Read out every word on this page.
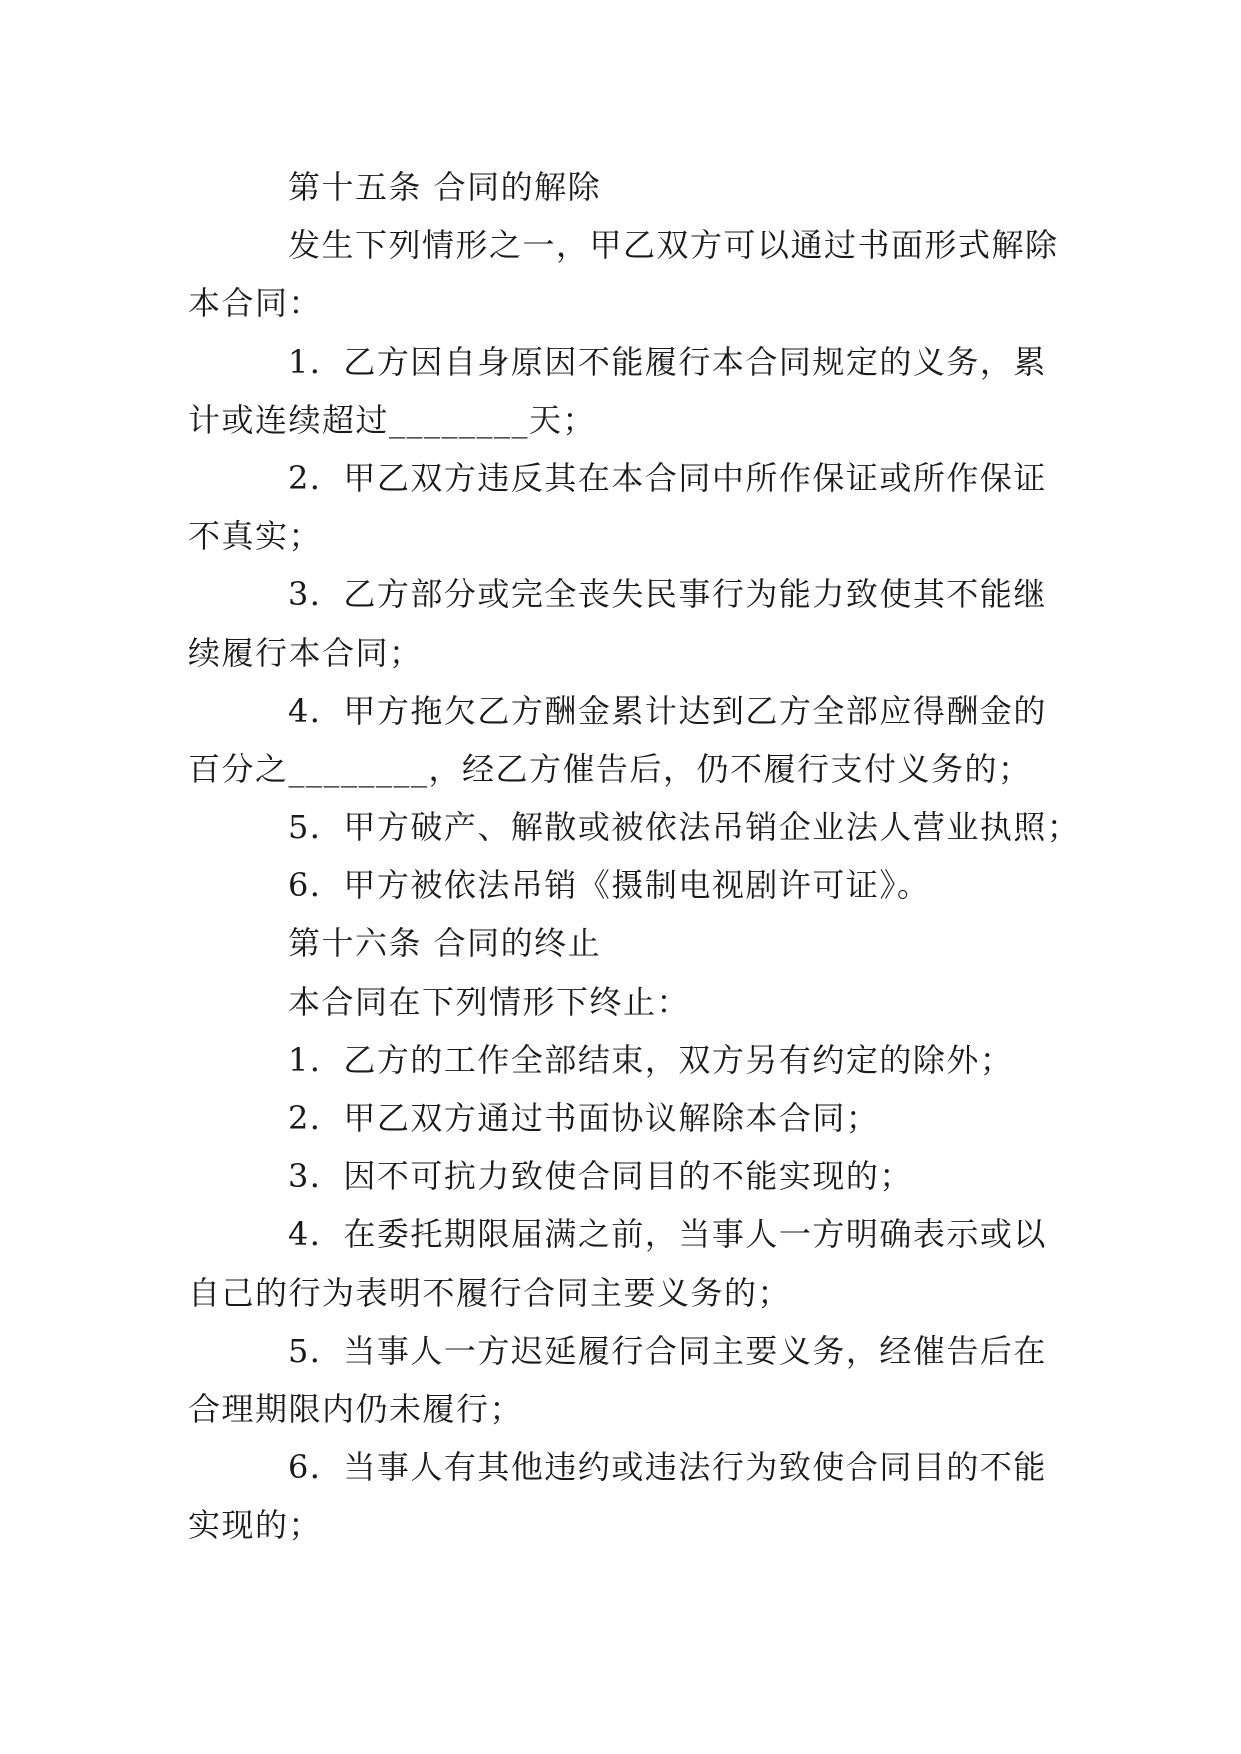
第十五条 合同的解除
发生下列情形之一，甲乙双方可以通过书面形式解除
本合同：
1．乙方因自身原因不能履行本合同规定的义务，累
计或连续超过________天；
2．甲乙双方违反其在本合同中所作保证或所作保证
不真实；
3．乙方部分或完全丧失民事行为能力致使其不能继
续履行本合同；
4．甲方拖欠乙方酬金累计达到乙方全部应得酬金的
百分之________，经乙方催告后，仍不履行支付义务的；
5．甲方破产、解散或被依法吊销企业法人营业执照；
6．甲方被依法吊销《摄制电视剧许可证》。
第十六条 合同的终止
本合同在下列情形下终止：
1．乙方的工作全部结束，双方另有约定的除外；
2．甲乙双方通过书面协议解除本合同；
3．因不可抗力致使合同目的不能实现的；
4．在委托期限届满之前，当事人一方明确表示或以
自己的行为表明不履行合同主要义务的；
5．当事人一方迟延履行合同主要义务，经催告后在
合理期限内仍未履行；
6．当事人有其他违约或违法行为致使合同目的不能
实现的；
